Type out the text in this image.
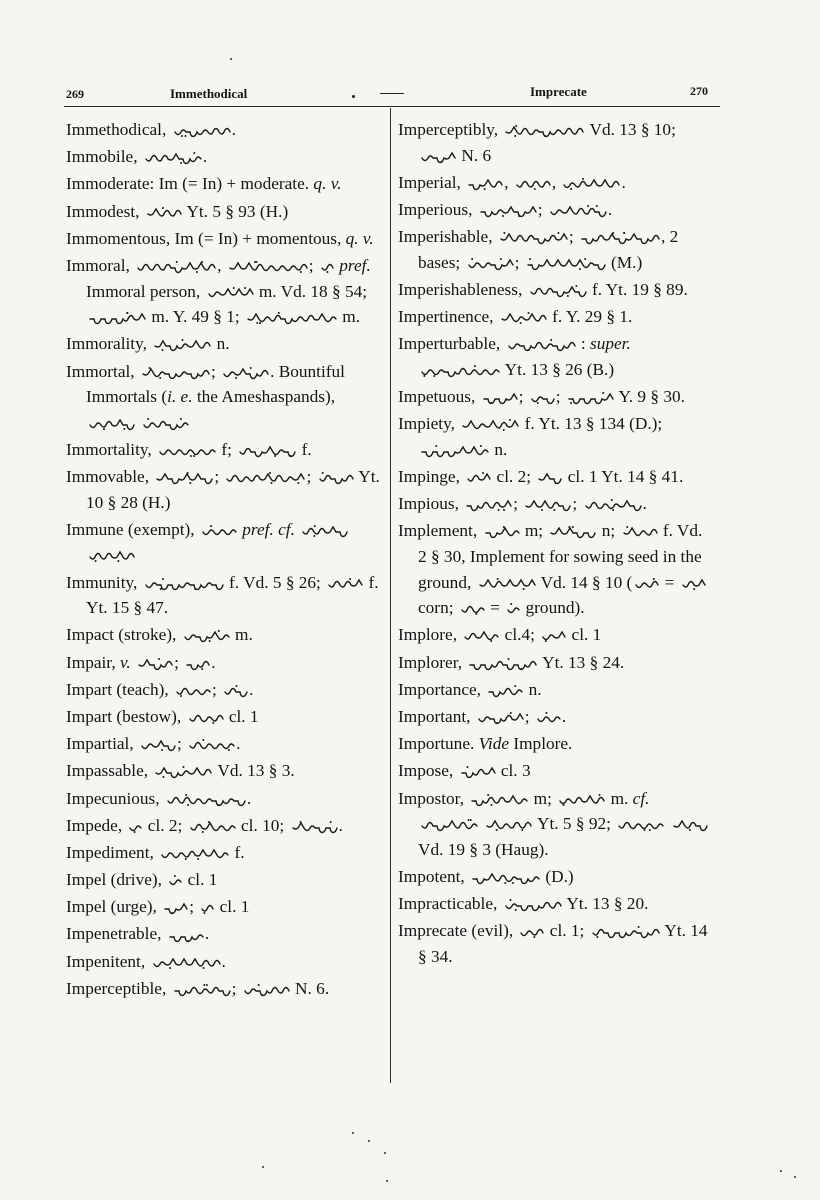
269	Immethodical	Imprecate	270
Immethodical,	.
Immobile,	.
Immoderate: Im (= In) + moderate. q. v.
Immodest,
Yt. 5 § 93 (H.)
Immomentous, Im (= In) + momentous, q. v.
Immoral,	,	;
pref. Immoral person,	m. Vd. 18 § 54;
m. Y. 49 § 1;	m.
Immorality,	n.
Immortal,	;	. Bountiful Immortals (i. e. the Ameshaspands),

Immortality,	f;	f.
Immovable,	;	;
Yt. 10 § 28 (H.)
Immune (exempt),	pref. cf.

Immunity,	f. Vd. 5 § 26;
f. Yt. 15 § 47.
Impact (stroke),	m.
Impair, v.	;
.
Impart (teach),
;
.
Impart (bestow),
cl. 1
Impartial,
;	.
Impassable,	Vd. 13 § 3.
Impecunious,	.
Impede,
cl. 2;	cl. 10;	.
Impediment,	f.
Impel (drive),
cl. 1
Impel (urge),
;
cl. 1
Impenetrable,
.
Impenitent,	.
Imperceptible,	;	N. 6.
Imperceptibly,	Vd. 13 § 10;
N. 6
Imperial,
,
,	.
Imperious,	;	.
Imperishable,	;	, 2 bases;	;	(M.)
Imperishableness,	f. Yt. 19 § 89.
Impertinence,	f. Y. 29 § 1.
Imperturbable,	: super.
Yt. 13 § 26 (B.)
Impetuous,
;
;	Y. 9 § 30.
Impiety,	f. Yt. 13 § 134 (D.);
n.
Impinge,
cl. 2;
cl. 1 Yt. 14 § 41.
Impious,	;	;	.
Implement,
m;	n;
f. Vd. 2 § 30, Implement for sowing seed in the ground,	Vd. 14 § 10 (
=
corn;
=
ground).
Implore,
cl.4;
cl. 1
Implorer,	Yt. 13 § 24.
Importance,
n.
Important,	;
.
Importune. Vide Implore.
Impose,
cl. 3
Impostor,	m;	m. cf.

Yt. 5 § 92;

Vd. 19 § 3 (Haug).
Impotent,	(D.)
Impracticable,	Yt. 13 § 20.
Imprecate (evil),
cl. 1;	Yt. 14 § 34.
